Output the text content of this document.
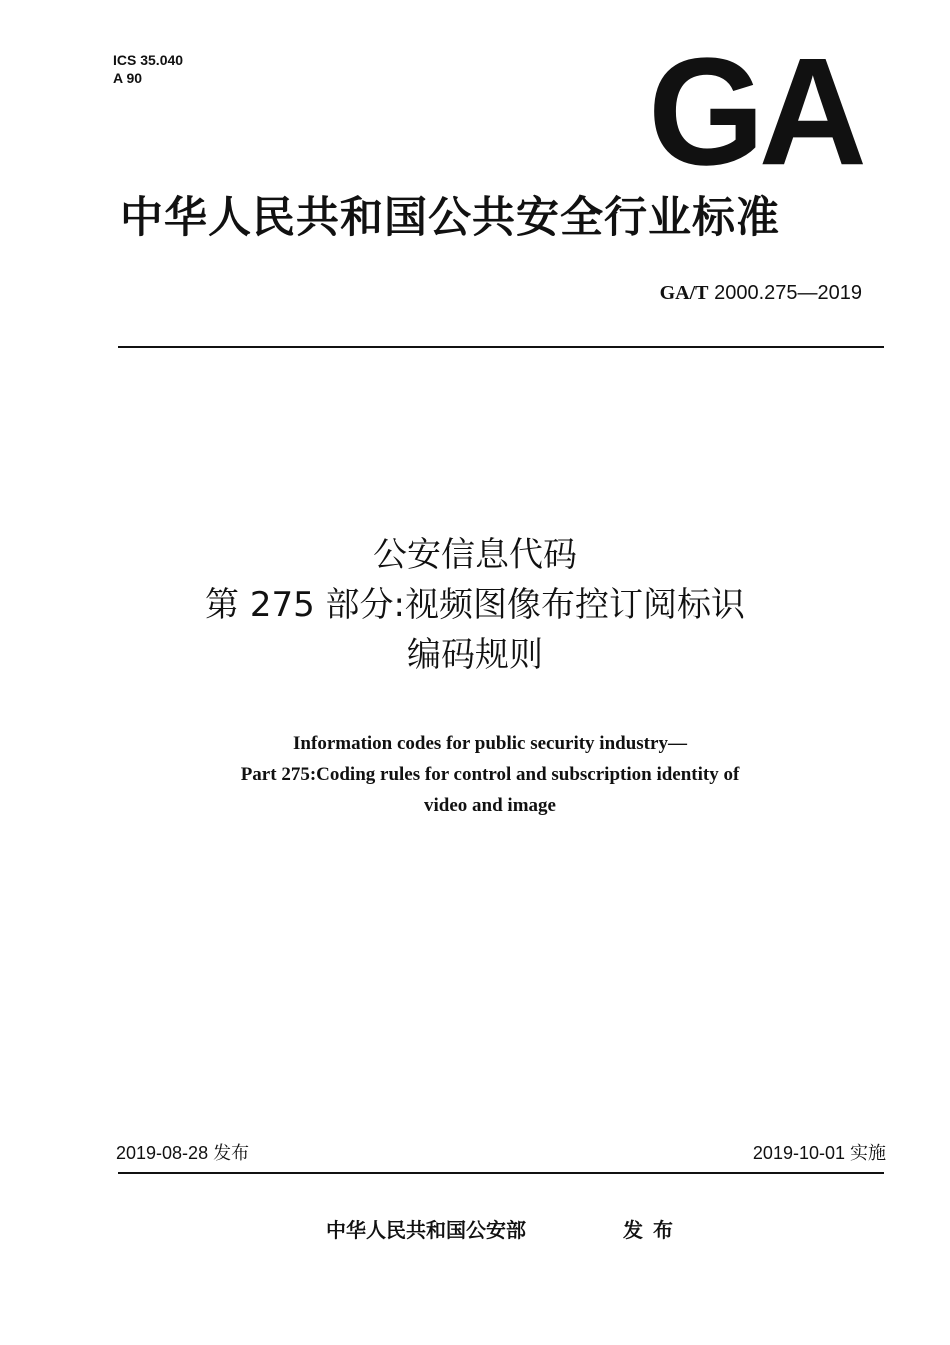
ICS 35.040
A 90	GA
中华人民共和国公共安全行业标准
GA/T 2000.275—2019
公安信息代码
第 275 部分:视频图像布控订阅标识
编码规则
Information codes for public security industry—
Part 275:Coding rules for control and subscription identity of
video and image
2019-08-28 发布	2019-10-01 实施
中华人民共和国公安部	发布
